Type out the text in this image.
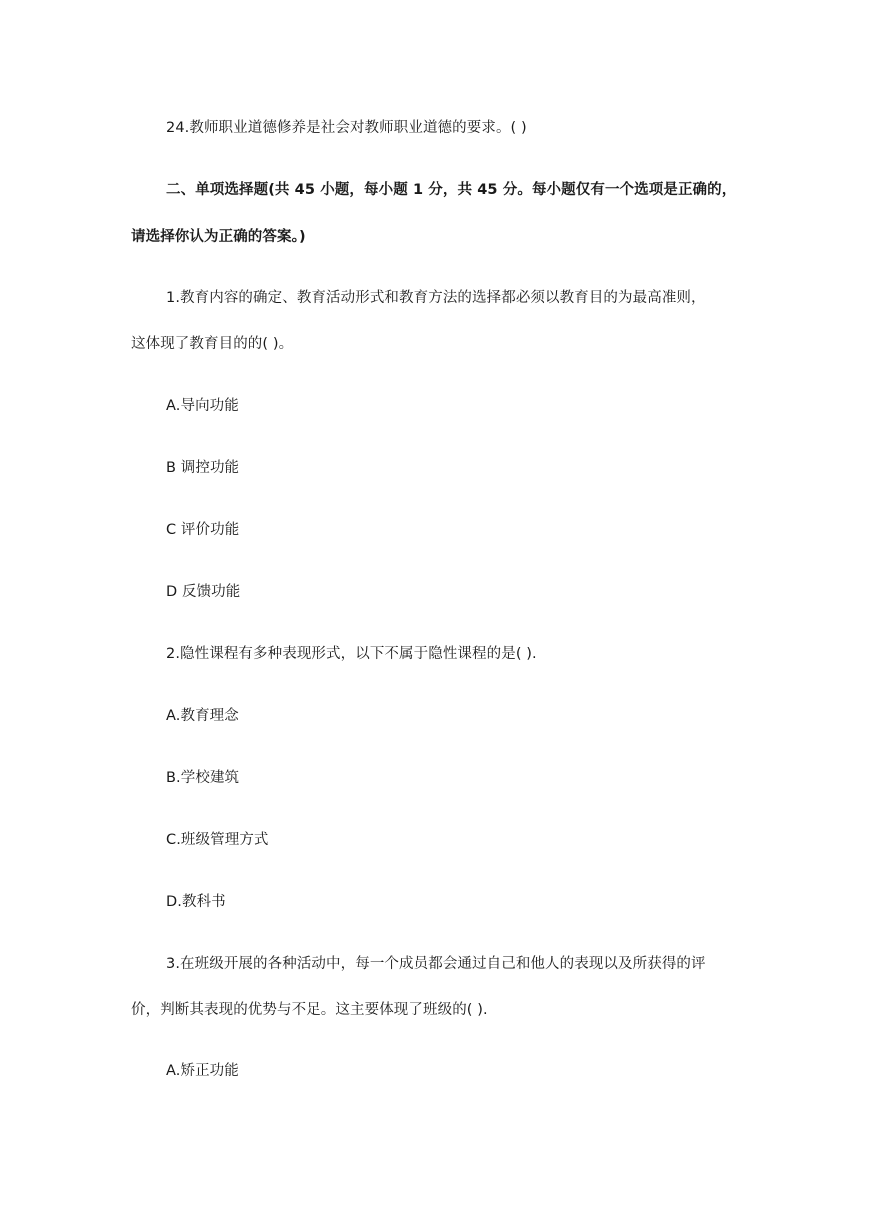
24.教师职业道德修养是社会对教师职业道德的要求。( )
二、单项选择题(共 45 小题，每小题 1 分，共 45 分。每小题仅有一个选项是正确的，
请选择你认为正确的答案。)
1.教育内容的确定、教育活动形式和教育方法的选择都必须以教育目的为最高准则，
这体现了教育目的的( )。
A.导向功能
B 调控功能
C 评价功能
D 反馈功能
2.隐性课程有多种表现形式，以下不属于隐性课程的是( ).
A.教育理念
B.学校建筑
C.班级管理方式
D.教科书
3.在班级开展的各种活动中，每一个成员都会通过自己和他人的表现以及所获得的评
价，判断其表现的优势与不足。这主要体现了班级的( ).
A.矫正功能
